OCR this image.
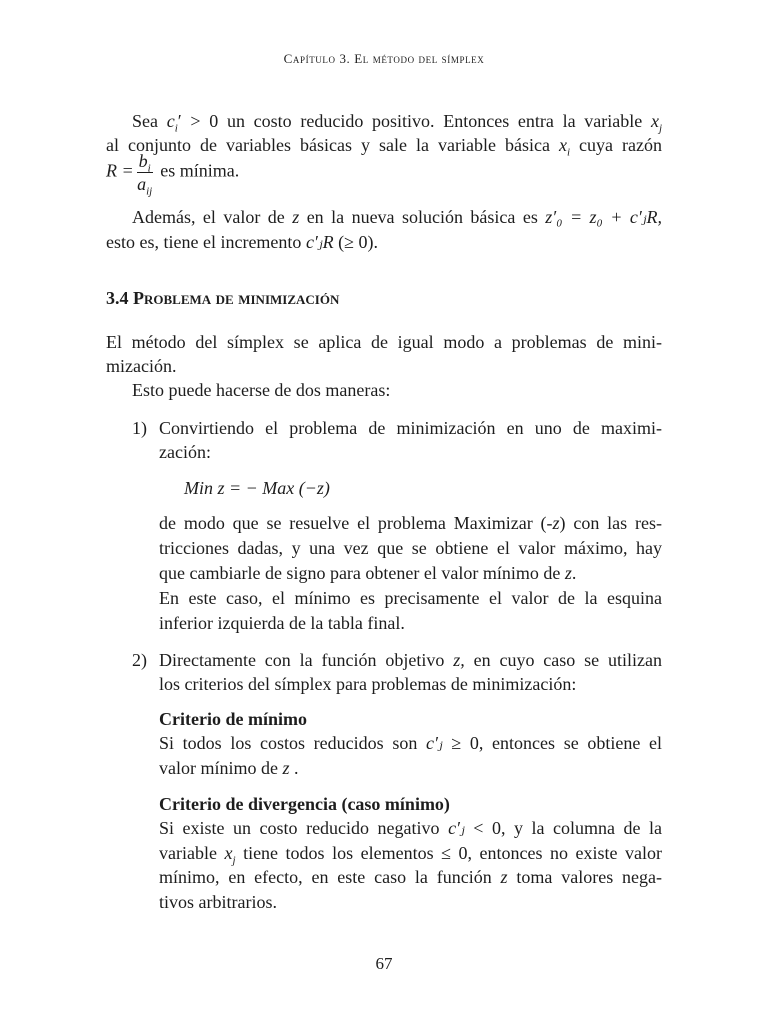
Capítulo 3. El método del símplex
Sea $c_i' > 0$ un costo reducido positivo. Entonces entra la variable $x_j$
al conjunto de variables básicas y sale la variable básica $x_i$ cuya razón
$R = \frac{b_i}{a_{ij}}$ es mínima.
Además, el valor de z en la nueva solución básica es z′₀ = z₀ + c′ⱼR,
esto es, tiene el incremento c′ⱼR (≥ 0).
3.4 Problema de minimización
El método del símplex se aplica de igual modo a problemas de mini-
mización.
Esto puede hacerse de dos maneras:
1) Convirtiendo el problema de minimización en uno de maximi-
zación:
Min z = − Max (−z)
de modo que se resuelve el problema Maximizar (-z) con las res-
tricciones dadas, y una vez que se obtiene el valor máximo, hay
que cambiarle de signo para obtener el valor mínimo de z.
En este caso, el mínimo es precisamente el valor de la esquina
inferior izquierda de la tabla final.
2) Directamente con la función objetivo z, en cuyo caso se utilizan
los criterios del símplex para problemas de minimización:
Criterio de mínimo
Si todos los costos reducidos son c′ⱼ ≥ 0, entonces se obtiene el
valor mínimo de z .
Criterio de divergencia (caso mínimo)
Si existe un costo reducido negativo c′ⱼ < 0, y la columna de la
variable $x_j$ tiene todos los elementos ≤ 0, entonces no existe valor
mínimo, en efecto, en este caso la función z toma valores nega-
tivos arbitrarios.
67
